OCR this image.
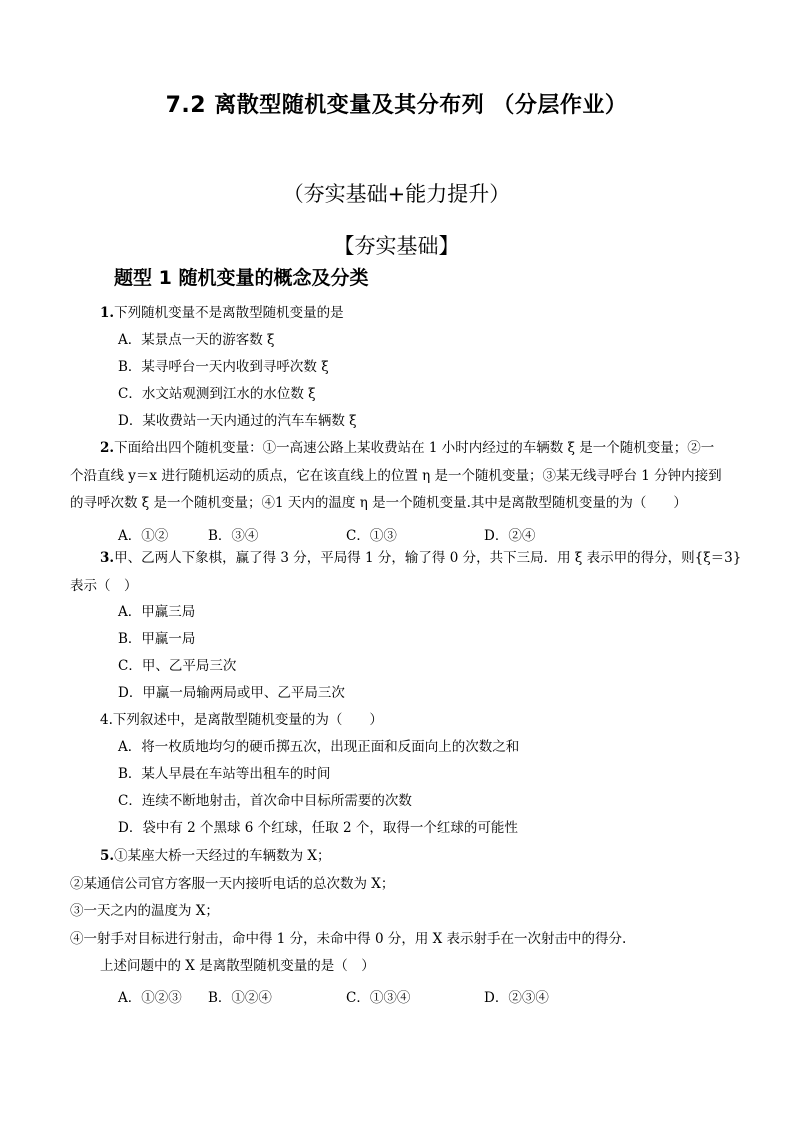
7.2 离散型随机变量及其分布列 （分层作业）
（夯实基础+能力提升）
【夯实基础】
题型 1 随机变量的概念及分类
1.下列随机变量不是离散型随机变量的是
A．某景点一天的游客数 ξ
B．某寻呼台一天内收到寻呼次数 ξ
C．水文站观测到江水的水位数 ξ
D．某收费站一天内通过的汽车车辆数 ξ
2.下面给出四个随机变量：①一高速公路上某收费站在 1 小时内经过的车辆数 ξ 是一个随机变量；②一
个沿直线 y＝x 进行随机运动的质点，它在该直线上的位置 η 是一个随机变量；③某无线寻呼台 1 分钟内接到
的寻呼次数 ξ 是一个随机变量；④1 天内的温度 η 是一个随机变量.其中是离散型随机变量的为（　　）
A．①②	B．③④	C．①③	D．②④
3.甲、乙两人下象棋，赢了得 3 分，平局得 1 分，输了得 0 分，共下三局．用 ξ 表示甲的得分，则{ξ＝3}
表示（　）
A．甲赢三局
B．甲赢一局
C．甲、乙平局三次
D．甲赢一局输两局或甲、乙平局三次
4.下列叙述中，是离散型随机变量的为（　　）
A．将一枚质地均匀的硬币掷五次，出现正面和反面向上的次数之和
B．某人早晨在车站等出租车的时间
C．连续不断地射击，首次命中目标所需要的次数
D．袋中有 2 个黑球 6 个红球，任取 2 个，取得一个红球的可能性
5.①某座大桥一天经过的车辆数为 X；
②某通信公司官方客服一天内接听电话的总次数为 X；
③一天之内的温度为 X；
④一射手对目标进行射击，命中得 1 分，未命中得 0 分，用 X 表示射手在一次射击中的得分.
上述问题中的 X 是离散型随机变量的是（　）
A．①②③ B．①②④	C．①③④	D．②③④
